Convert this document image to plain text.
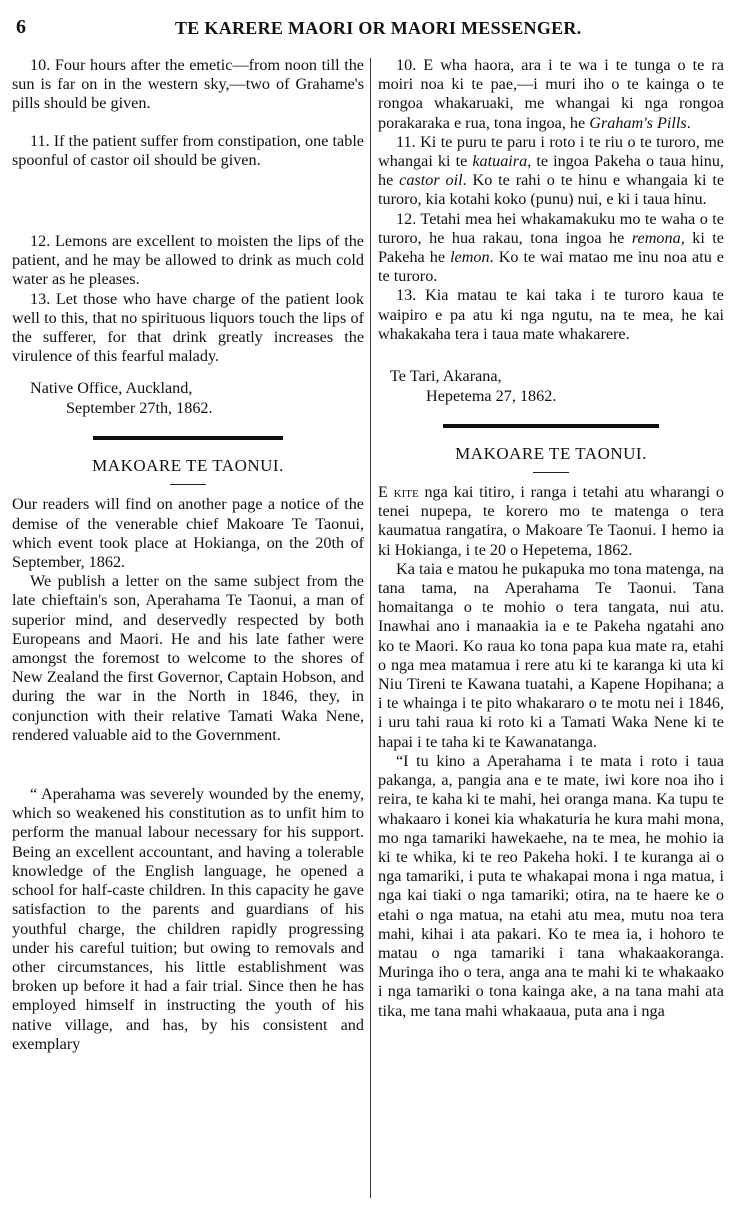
6	TE KARERE MAORI OR MAORI MESSENGER.

10. Four hours after the emetic—from noon till the sun is far on in the western sky,—two of Grahame's pills should be given.

11. If the patient suffer from constipation, one table spoonful of castor oil should be given.

12. Lemons are excellent to moisten the lips of the patient, and he may be allowed to drink as much cold water as he pleases.

13. Let those who have charge of the patient look well to this, that no spirituous liquors touch the lips of the sufferer, for that drink greatly increases the virulence of this fearful malady.

Native Office, Auckland,
September 27th, 1862.
MAKOARE TE TAONUI.

Our readers will find on another page a notice of the demise of the venerable chief Makoare Te Taonui, which event took place at Hokianga, on the 20th of September, 1862.

We publish a letter on the same subject from the late chieftain's son, Aperahama Te Taonui, a man of superior mind, and deservedly respected by both Europeans and Maori. He and his late father were amongst the foremost to welcome to the shores of New Zealand the first Governor, Captain Hobson, and during the war in the North in 1846, they, in conjunction with their relative Tamati Waka Nene, rendered valuable aid to the Government.

“ Aperahama was severely wounded by the enemy, which so weakened his constitution as to unfit him to perform the manual labour necessary for his support. Being an excellent accountant, and having a tolerable knowledge of the English language, he opened a school for half-caste children. In this capacity he gave satisfaction to the parents and guardians of his youthful charge, the children rapidly progressing under his careful tuition; but owing to removals and other circumstances, his little establishment was broken up before it had a fair trial. Since then he has employed himself in instructing the youth of his native village, and has, by his consistent and exemplary

10. E wha haora, ara i te wa i te tunga o te ra moiri noa ki te pae,—i muri iho o te kainga o te rongoa whakaruaki, me whangai ki nga rongoa porakaraka e rua, tona ingoa, he Graham's Pills.

11. Ki te puru te paru i roto i te riu o te turoro, me whangai ki te katuaira, te ingoa Pakeha o taua hinu, he castor oil. Ko te rahi o te hinu e whangaia ki te turoro, kia kotahi koko (punu) nui, e ki i taua hinu.

12. Tetahi mea hei whakamakuku mo te waha o te turoro, he hua rakau, tona ingoa he remona, ki te Pakeha he lemon. Ko te wai matao me inu noa atu e te turoro.

13. Kia matau te kai taka i te turoro kaua te waipiro e pa atu ki nga ngutu, na te mea, he kai whakakaha tera i taua mate whakarere.

Te Tari, Akarana,
Hepetema 27, 1862.
MAKOARE TE TAONUI.

E kite nga kai titiro, i ranga i tetahi atu wharangi o tenei nupepa, te korero mo te matenga o tera kaumatua rangatira, o Makoare Te Taonui. I hemo ia ki Hokianga, i te 20 o Hepetema, 1862.

Ka taia e matou he pukapuka mo tona matenga, na tana tama, na Aperahama Te Taonui. Tana homaitanga o te mohio o tera tangata, nui atu. Inawhai ano i manaakia ia e te Pakeha ngatahi ano ko te Maori. Ko raua ko tona papa kua mate ra, etahi o nga mea matamua i rere atu ki te karanga ki uta ki Niu Tireni te Kawana tuatahi, a Kapene Hopihana; a i te whainga i te pito whakararo o te motu nei i 1846, i uru tahi raua ki roto ki a Tamati Waka Nene ki te hapai i te taha ki te Kawanatanga.

“I tu kino a Aperahama i te mata i roto i taua pakanga, a, pangia ana e te mate, iwi kore noa iho i reira, te kaha ki te mahi, hei oranga mana. Ka tupu te whakaaro i konei kia whakaturia he kura mahi mona, mo nga tamariki hawekaehe, na te mea, he mohio ia ki te whika, ki te reo Pakeha hoki. I te kuranga ai o nga tamariki, i puta te whakapai mona i nga matua, i nga kai tiaki o nga tamariki; otira, na te haere ke o etahi o nga matua, na etahi atu mea, mutu noa tera mahi, kihai i ata pakari. Ko te mea ia, i hohoro te matau o nga tamariki i tana whakaakoranga. Muringa iho o tera, anga ana te mahi ki te whakaako i nga tamariki o tona kainga ake, a na tana mahi ata tika, me tana mahi whakaaua, puta ana i nga
